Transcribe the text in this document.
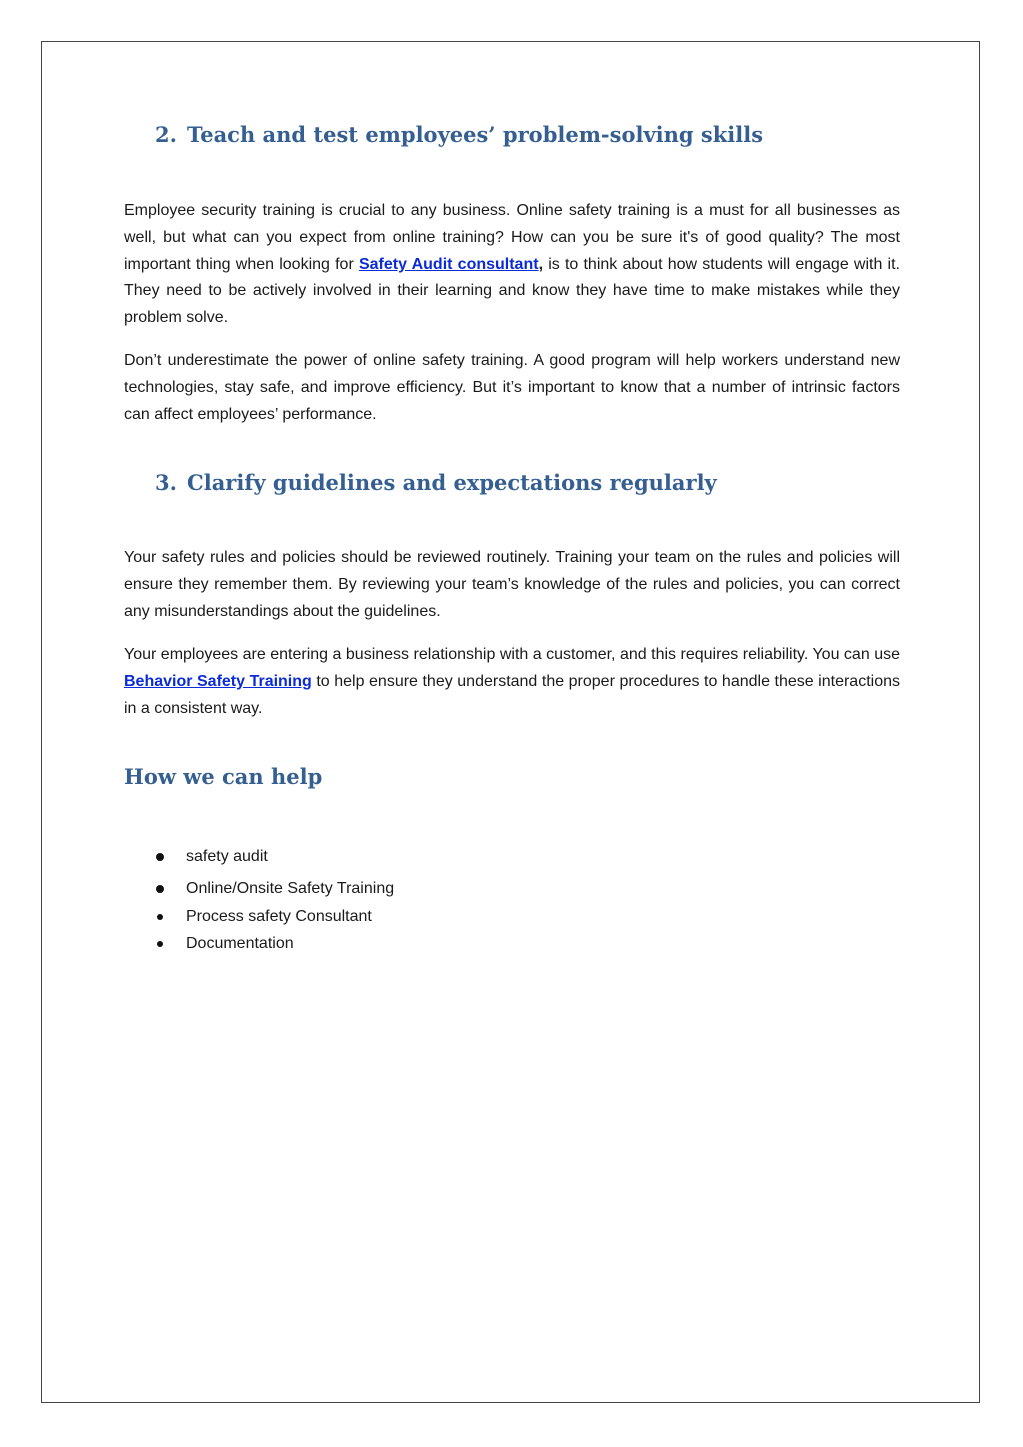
2. Teach and test employees’ problem-solving skills

Employee security training is crucial to any business. Online safety training is a must for all businesses as well, but what can you expect from online training? How can you be sure it's of good quality? The most important thing when looking for Safety Audit consultant, is to think about how students will engage with it. They need to be actively involved in their learning and know they have time to make mistakes while they problem solve.

Don’t underestimate the power of online safety training. A good program will help workers understand new technologies, stay safe, and improve efficiency. But it’s important to know that a number of intrinsic factors can affect employees’ performance.

3. Clarify guidelines and expectations regularly

Your safety rules and policies should be reviewed routinely. Training your team on the rules and policies will ensure they remember them. By reviewing your team’s knowledge of the rules and policies, you can correct any misunderstandings about the guidelines.

Your employees are entering a business relationship with a customer, and this requires reliability. You can use Behavior Safety Training to help ensure they understand the proper procedures to handle these interactions in a consistent way.

How we can help
safety audit
Online/Onsite Safety Training
Process safety Consultant
Documentation
